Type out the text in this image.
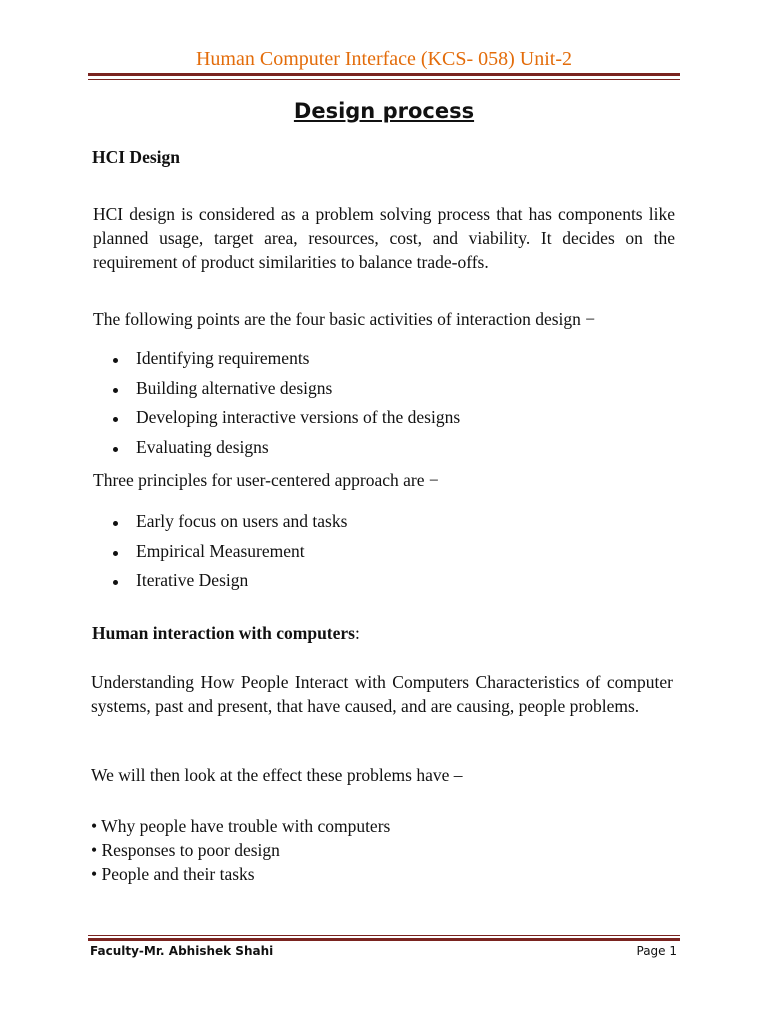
Human Computer Interface (KCS- 058) Unit-2
Design process
HCI Design

HCI design is considered as a problem solving process that has components like planned usage, target area, resources, cost, and viability. It decides on the requirement of product similarities to balance trade-offs.

The following points are the four basic activities of interaction design −

Identifying requirements
Building alternative designs
Developing interactive versions of the designs
Evaluating designs

Three principles for user-centered approach are −

Early focus on users and tasks
Empirical Measurement
Iterative Design
Human interaction with computers:

Understanding How People Interact with Computers Characteristics of computer systems, past and present, that have caused, and are causing, people problems.

We will then look at the effect these problems have –

• Why people have trouble with computers
• Responses to poor design
• People and their tasks
Faculty-Mr. Abhishek Shahi	Page 1
